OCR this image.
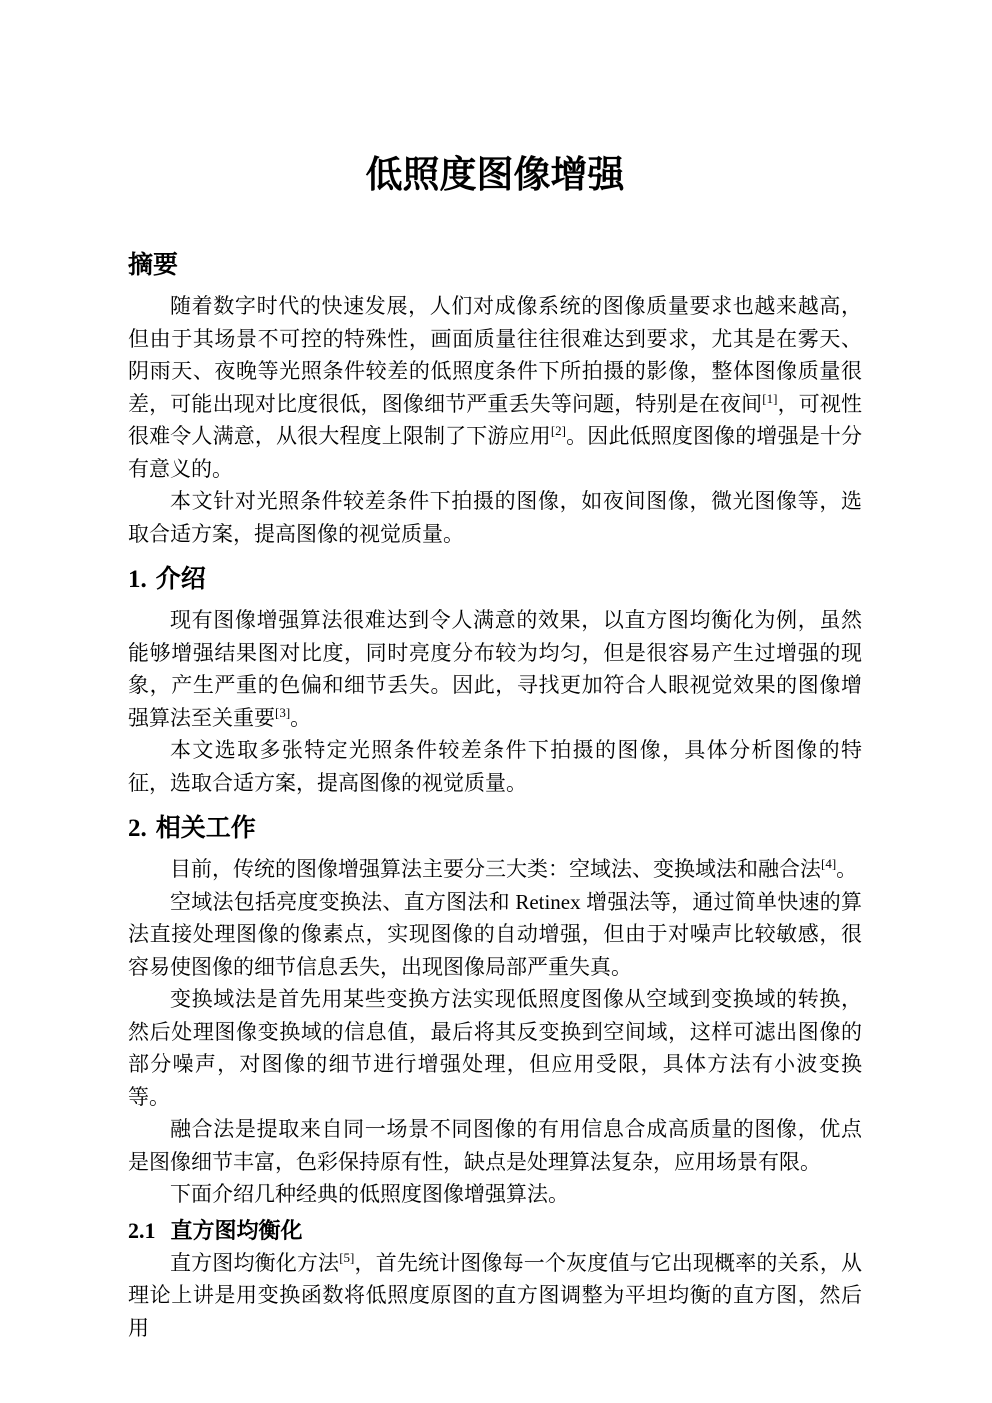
低照度图像增强
摘要

随着数字时代的快速发展，人们对成像系统的图像质量要求也越来越高，但由于其场景不可控的特殊性，画面质量往往很难达到要求，尤其是在雾天、阴雨天、夜晚等光照条件较差的低照度条件下所拍摄的影像，整体图像质量很差，可能出现对比度很低，图像细节严重丢失等问题，特别是在夜间[1]，可视性很难令人满意，从很大程度上限制了下游应用[2]。因此低照度图像的增强是十分有意义的。

本文针对光照条件较差条件下拍摄的图像，如夜间图像，微光图像等，选取合适方案，提高图像的视觉质量。

1. 介绍

现有图像增强算法很难达到令人满意的效果，以直方图均衡化为例，虽然能够增强结果图对比度，同时亮度分布较为均匀，但是很容易产生过增强的现象，产生严重的色偏和细节丢失。因此，寻找更加符合人眼视觉效果的图像增强算法至关重要[3]。

本文选取多张特定光照条件较差条件下拍摄的图像，具体分析图像的特征，选取合适方案，提高图像的视觉质量。

2. 相关工作

目前，传统的图像增强算法主要分三大类：空域法、变换域法和融合法[4]。

空域法包括亮度变换法、直方图法和 Retinex 增强法等，通过简单快速的算法直接处理图像的像素点，实现图像的自动增强，但由于对噪声比较敏感，很容易使图像的细节信息丢失，出现图像局部严重失真。

变换域法是首先用某些变换方法实现低照度图像从空域到变换域的转换，然后处理图像变换域的信息值，最后将其反变换到空间域，这样可滤出图像的部分噪声，对图像的细节进行增强处理，但应用受限，具体方法有小波变换等。

融合法是提取来自同一场景不同图像的有用信息合成高质量的图像，优点是图像细节丰富，色彩保持原有性，缺点是处理算法复杂，应用场景有限。

下面介绍几种经典的低照度图像增强算法。

2.1 直方图均衡化

直方图均衡化方法[5]，首先统计图像每一个灰度值与它出现概率的关系，从理论上讲是用变换函数将低照度原图的直方图调整为平坦均衡的直方图，然后用
